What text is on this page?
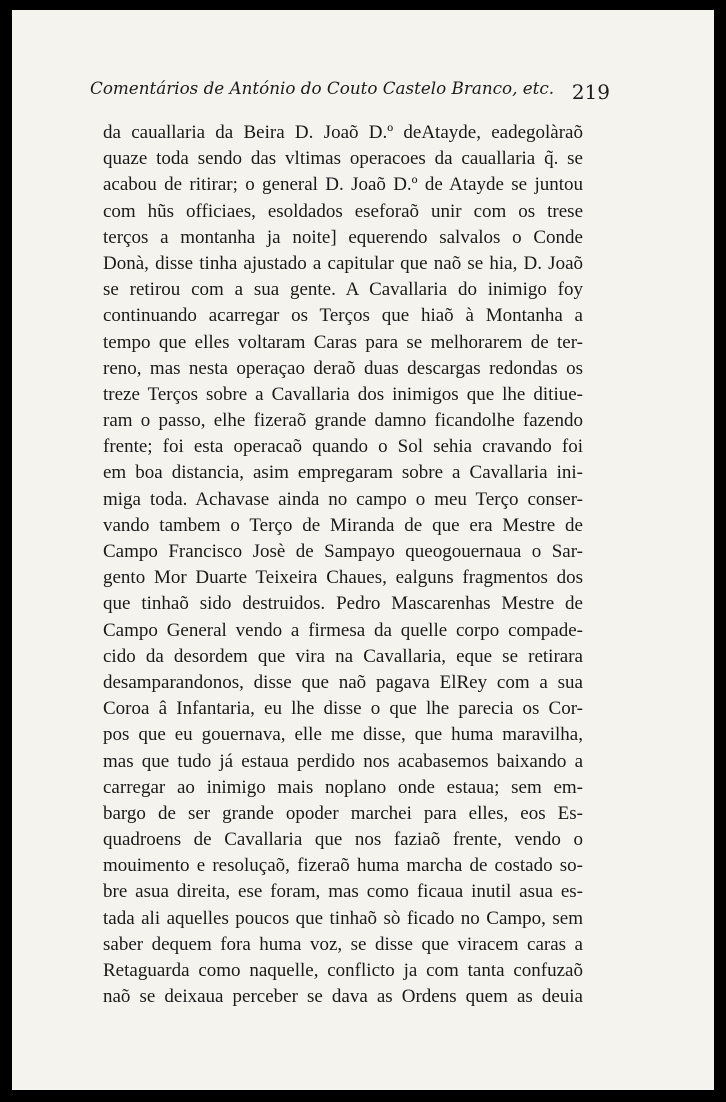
Comentários de António do Couto Castelo Branco, etc. 219
da cauallaria da Beira D. Joaõ D.º deAtayde, eadegolàraõ
quaze toda sendo das vltimas operacoes da cauallaria q̃. se
acabou de ritirar; o general D. Joaõ D.º de Atayde se juntou
com hũs officiaes, esoldados eseforaõ unir com os trese
terços a montanha ja noite] equerendo salvalos o Conde
Donà, disse tinha ajustado a capitular que naõ se hia, D. Joaõ
se retirou com a sua gente. A Cavallaria do inimigo foy
continuando acarregar os Terços que hiaõ à Montanha a
tempo que elles voltaram Caras para se melhorarem de ter-
reno, mas nesta operaçao deraõ duas descargas redondas os
treze Terços sobre a Cavallaria dos inimigos que lhe ditiue-
ram o passo, elhe fizeraõ grande damno ficandolhe fazendo
frente; foi esta operacaõ quando o Sol sehia cravando foi
em boa distancia, asim empregaram sobre a Cavallaria ini-
miga toda. Achavase ainda no campo o meu Terço conser-
vando tambem o Terço de Miranda de que era Mestre de
Campo Francisco Josè de Sampayo queogouernaua o Sar-
gento Mor Duarte Teixeira Chaues, ealguns fragmentos dos
que tinhaõ sido destruidos. Pedro Mascarenhas Mestre de
Campo General vendo a firmesa da quelle corpo compade-
cido da desordem que vira na Cavallaria, eque se retirara
desamparandonos, disse que naõ pagava ElRey com a sua
Coroa â Infantaria, eu lhe disse o que lhe parecia os Cor-
pos que eu gouernava, elle me disse, que huma maravilha,
mas que tudo já estaua perdido nos acabasemos baixando a
carregar ao inimigo mais noplano onde estaua; sem em-
bargo de ser grande opoder marchei para elles, eos Es-
quadroens de Cavallaria que nos faziaõ frente, vendo o
mouimento e resoluçaõ, fizeraõ huma marcha de costado so-
bre asua direita, ese foram, mas como ficaua inutil asua es-
tada ali aquelles poucos que tinhaõ sò ficado no Campo, sem
saber dequem fora huma voz, se disse que viracem caras a
Retaguarda como naquelle, conflicto ja com tanta confuzaõ
naõ se deixaua perceber se dava as Ordens quem as deuia
